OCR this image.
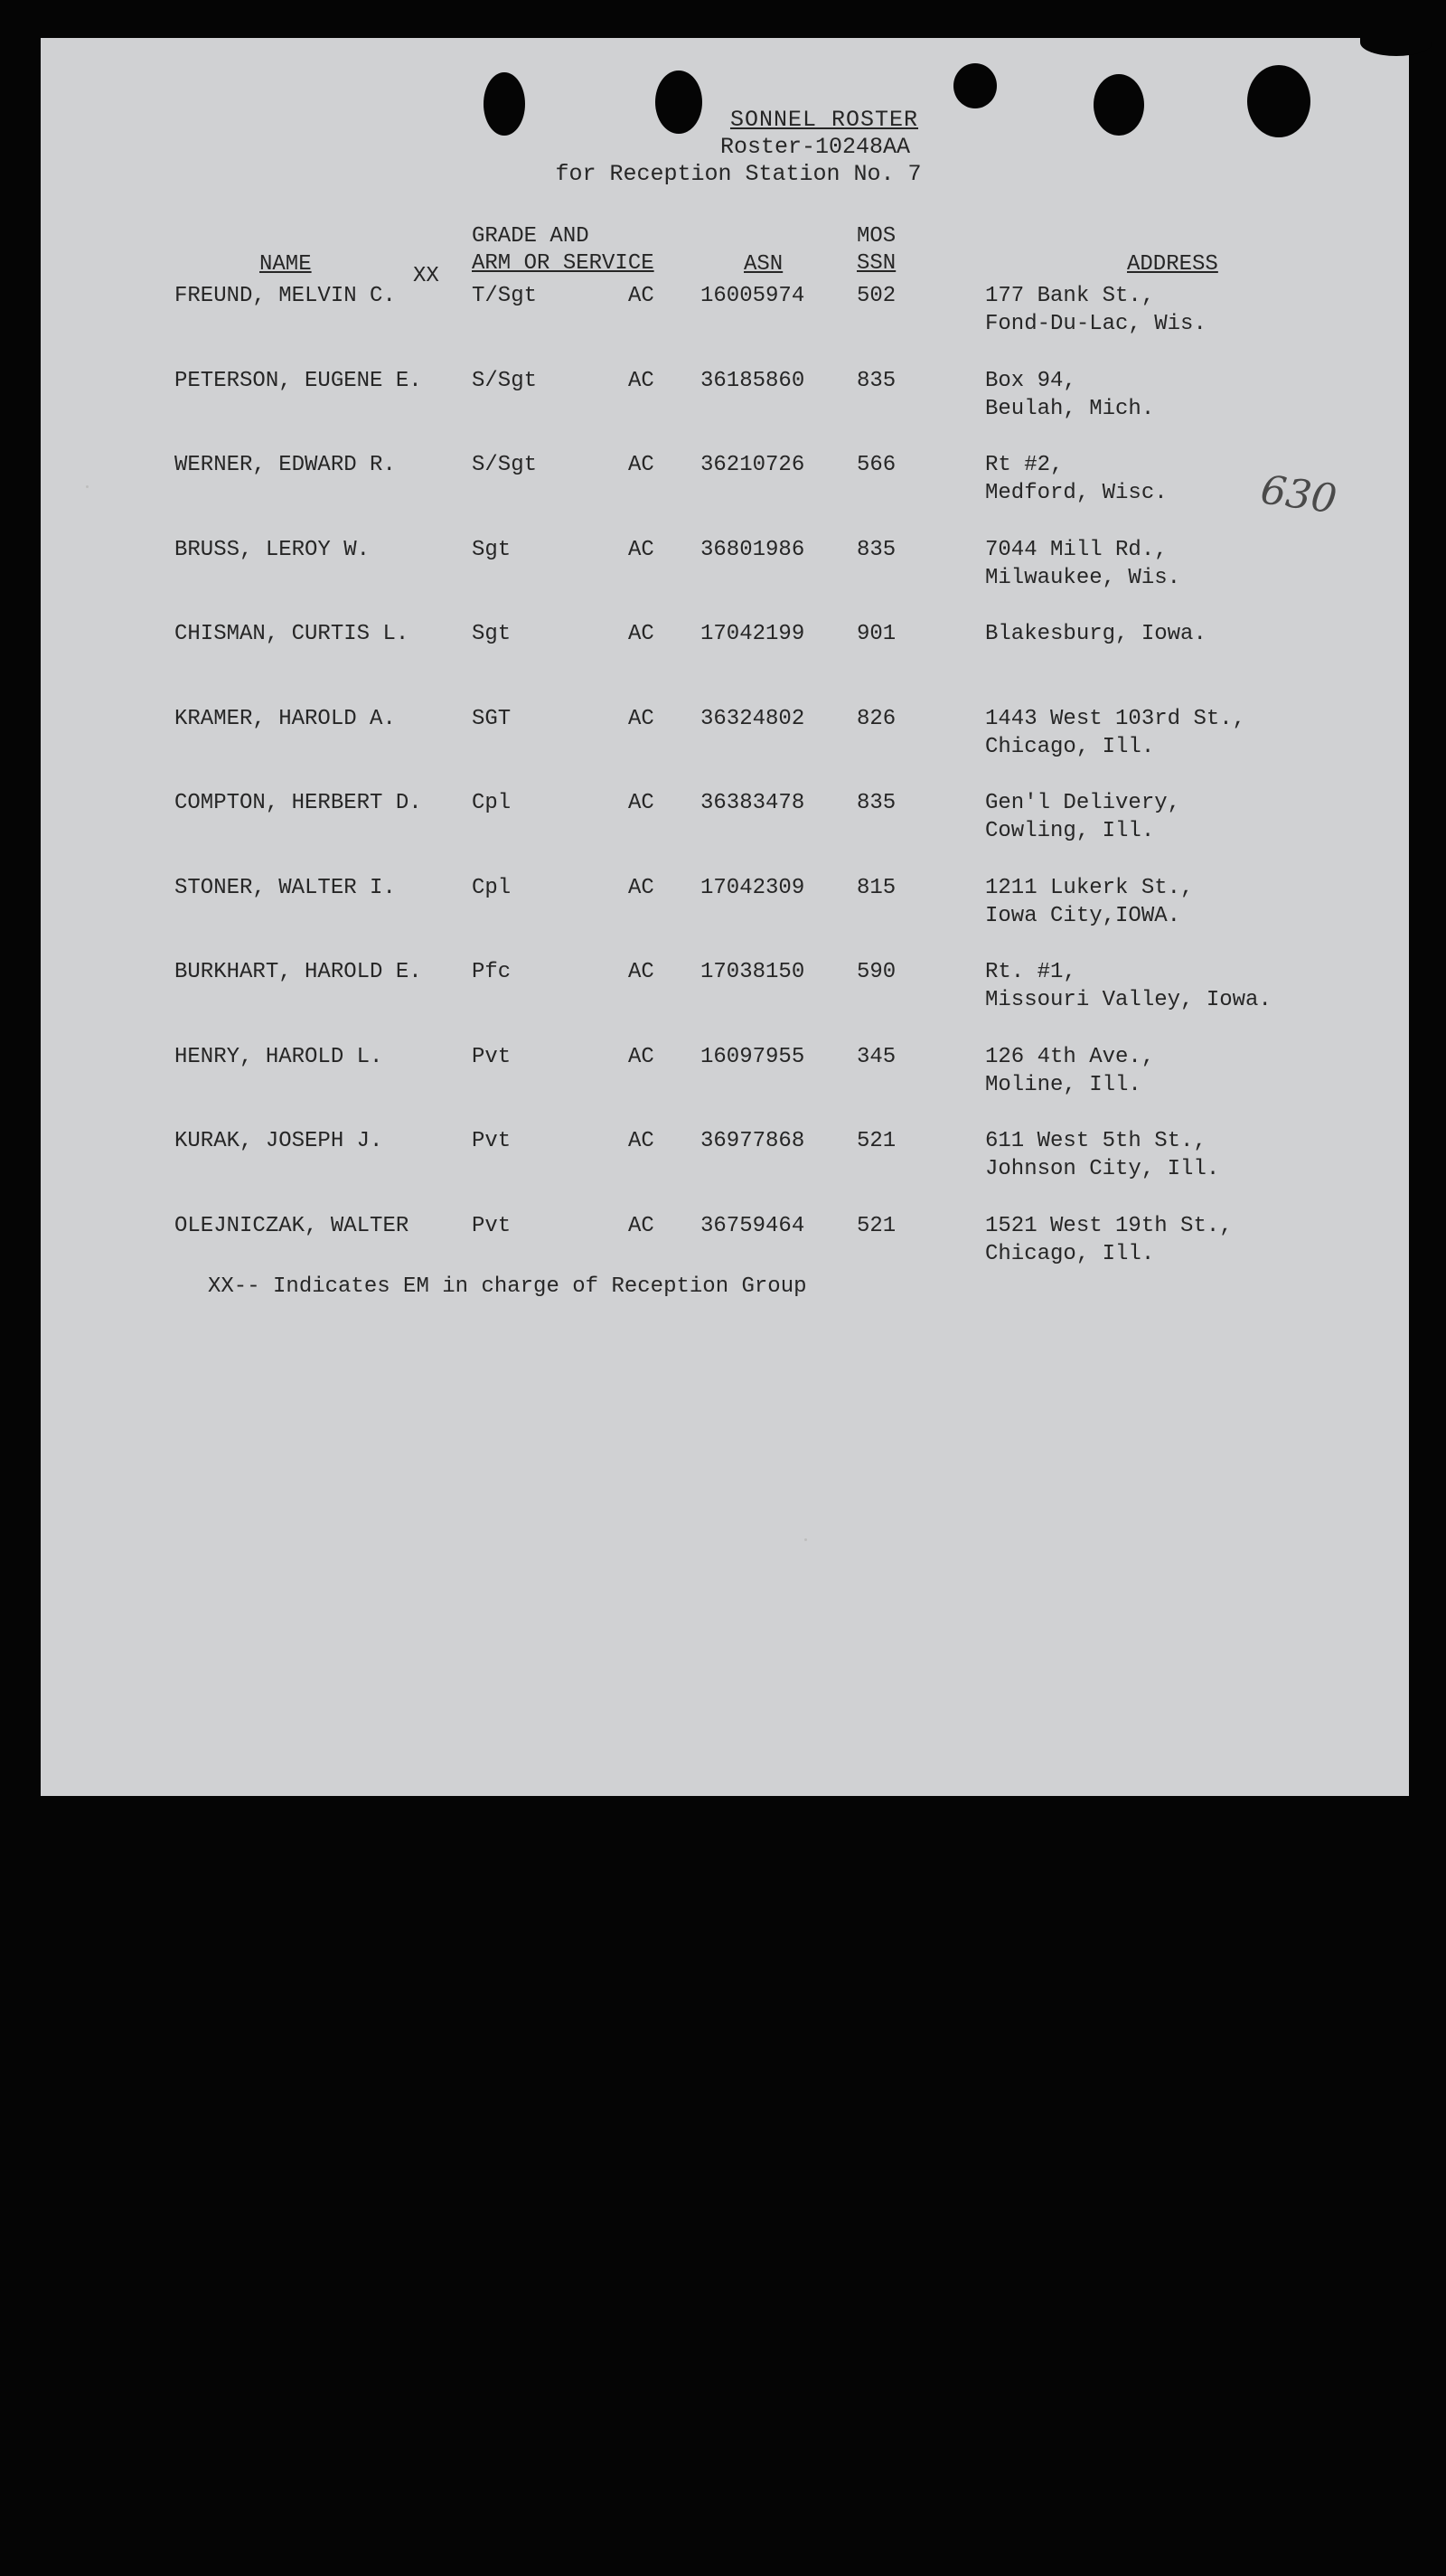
SONNEL ROSTER
Roster-10248AA
for Reception Station No. 7
NAME
GRADE AND
ARM OR SERVICE	ASN
MOS
SSN	ADDRESS
XX
630
FREUND, MELVIN C.	T/Sgt	AC 16005974 502	177 Bank St.,
Fond-Du-Lac, Wis.
PETERSON, EUGENE E. S/Sgt	AC 36185860 835	Box 94,
Beulah, Mich.
WERNER, EDWARD R.	S/Sgt	AC 36210726 566	Rt #2,
Medford, Wisc.
BRUSS, LEROY W.	Sgt	AC 36801986 835	7044 Mill Rd.,
Milwaukee, Wis.
CHISMAN, CURTIS L.	Sgt	AC 17042199 901	Blakesburg, Iowa.
KRAMER, HAROLD A.	SGT	AC 36324802 826	1443 West 103rd St.,
Chicago, Ill.
COMPTON, HERBERT D. Cpl	AC 36383478 835	Gen'l Delivery,
Cowling, Ill.
STONER, WALTER I.	Cpl	AC 17042309 815	1211 Lukerk St.,
Iowa City,IOWA.
BURKHART, HAROLD E. Pfc	AC 17038150 590	Rt. #1,
Missouri Valley, Iowa.
HENRY, HAROLD L.	Pvt	AC 16097955 345	126 4th Ave.,
Moline, Ill.
KURAK, JOSEPH J.	Pvt	AC 36977868 521	611 West 5th St.,
Johnson City, Ill.
OLEJNICZAK, WALTER	Pvt	AC 36759464 521	1521 West 19th St.,
Chicago, Ill.
XX-- Indicates EM in charge of Reception Group
